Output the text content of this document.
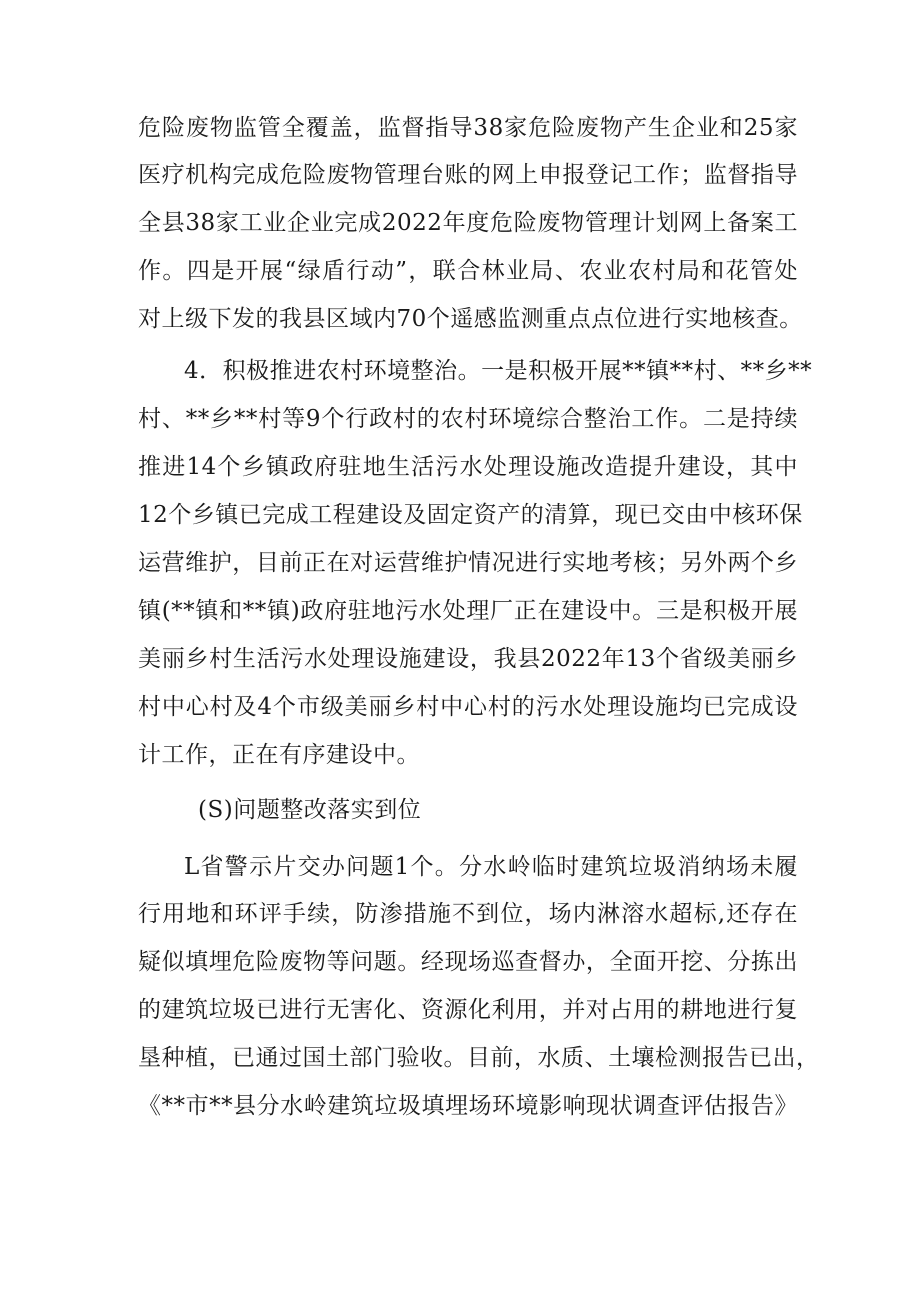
危险废物监管全覆盖，监督指导38家危险废物产生企业和25家
医疗机构完成危险废物管理台账的网上申报登记工作；监督指导
全县38家工业企业完成2022年度危险废物管理计划网上备案工
作。四是开展“绿盾行动”，联合林业局、农业农村局和花管处
对上级下发的我县区域内70个遥感监测重点点位进行实地核查。
4．积极推进农村环境整治。一是积极开展**镇**村、**乡**
村、**乡**村等9个行政村的农村环境综合整治工作。二是持续
推进14个乡镇政府驻地生活污水处理设施改造提升建设，其中
12个乡镇已完成工程建设及固定资产的清算，现已交由中核环保
运营维护，目前正在对运营维护情况进行实地考核；另外两个乡
镇(**镇和**镇)政府驻地污水处理厂正在建设中。三是积极开展
美丽乡村生活污水处理设施建设，我县2022年13个省级美丽乡
村中心村及4个市级美丽乡村中心村的污水处理设施均已完成设
计工作，正在有序建设中。
(S)问题整改落实到位
L省警示片交办问题1个。分水岭临时建筑垃圾消纳场未履
行用地和环评手续，防渗措施不到位，场内淋溶水超标,还存在
疑似填埋危险废物等问题。经现场巡查督办，全面开挖、分拣出
的建筑垃圾已进行无害化、资源化利用，并对占用的耕地进行复
垦种植，已通过国土部门验收。目前，水质、土壤检测报告已出，
《**市**县分水岭建筑垃圾填埋场环境影响现状调查评估报告》
